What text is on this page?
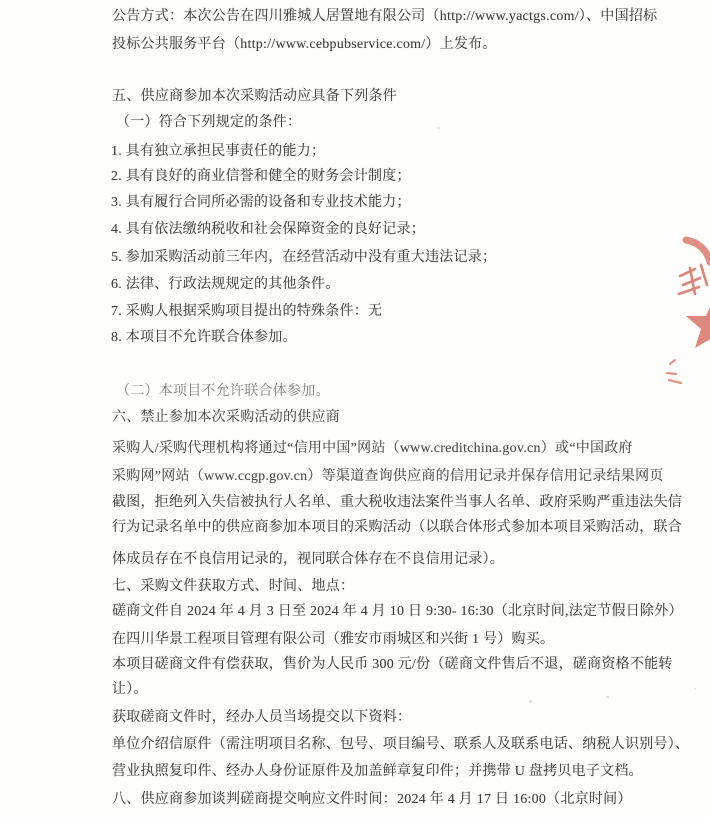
公告方式：本次公告在四川雅城人居置地有限公司（http://www.yactgs.com/）、中国招标
投标公共服务平台（http://www.cebpubservice.com/）上发布。
五、供应商参加本次采购活动应具备下列条件
（一）符合下列规定的条件：
1. 具有独立承担民事责任的能力；
2. 具有良好的商业信誉和健全的财务会计制度；
3. 具有履行合同所必需的设备和专业技术能力；
4. 具有依法缴纳税收和社会保障资金的良好记录；
5. 参加采购活动前三年内，在经营活动中没有重大违法记录；
6. 法律、行政法规规定的其他条件。
7. 采购人根据采购项目提出的特殊条件：无
8. 本项目不允许联合体参加。
（二）本项目不允许联合体参加。
六、禁止参加本次采购活动的供应商
采购人/采购代理机构将通过“信用中国”网站（www.creditchina.gov.cn）或“中国政府
采购网”网站（www.ccgp.gov.cn）等渠道查询供应商的信用记录并保存信用记录结果网页
截图，拒绝列入失信被执行人名单、重大税收违法案件当事人名单、政府采购严重违法失信
行为记录名单中的供应商参加本项目的采购活动（以联合体形式参加本项目采购活动，联合
体成员存在不良信用记录的，视同联合体存在不良信用记录）。
七、采购文件获取方式、时间、地点：
磋商文件自 2024 年 4 月 3 日至 2024 年 4 月 10 日 9:30- 16:30（北京时间,法定节假日除外）
在四川华景工程项目管理有限公司（雅安市雨城区和兴街 1 号）购买。
本项目磋商文件有偿获取，售价为人民币 300 元/份（磋商文件售后不退，磋商资格不能转
让）。
获取磋商文件时，经办人员当场提交以下资料：
单位介绍信原件（需注明项目名称、包号、项目编号、联系人及联系电话、纳税人识别号）、
营业执照复印件、经办人身份证原件及加盖鲜章复印件；并携带 U 盘拷贝电子文档。
八、供应商参加谈判磋商提交响应文件时间：2024 年 4 月 17 日 16:00（北京时间）
